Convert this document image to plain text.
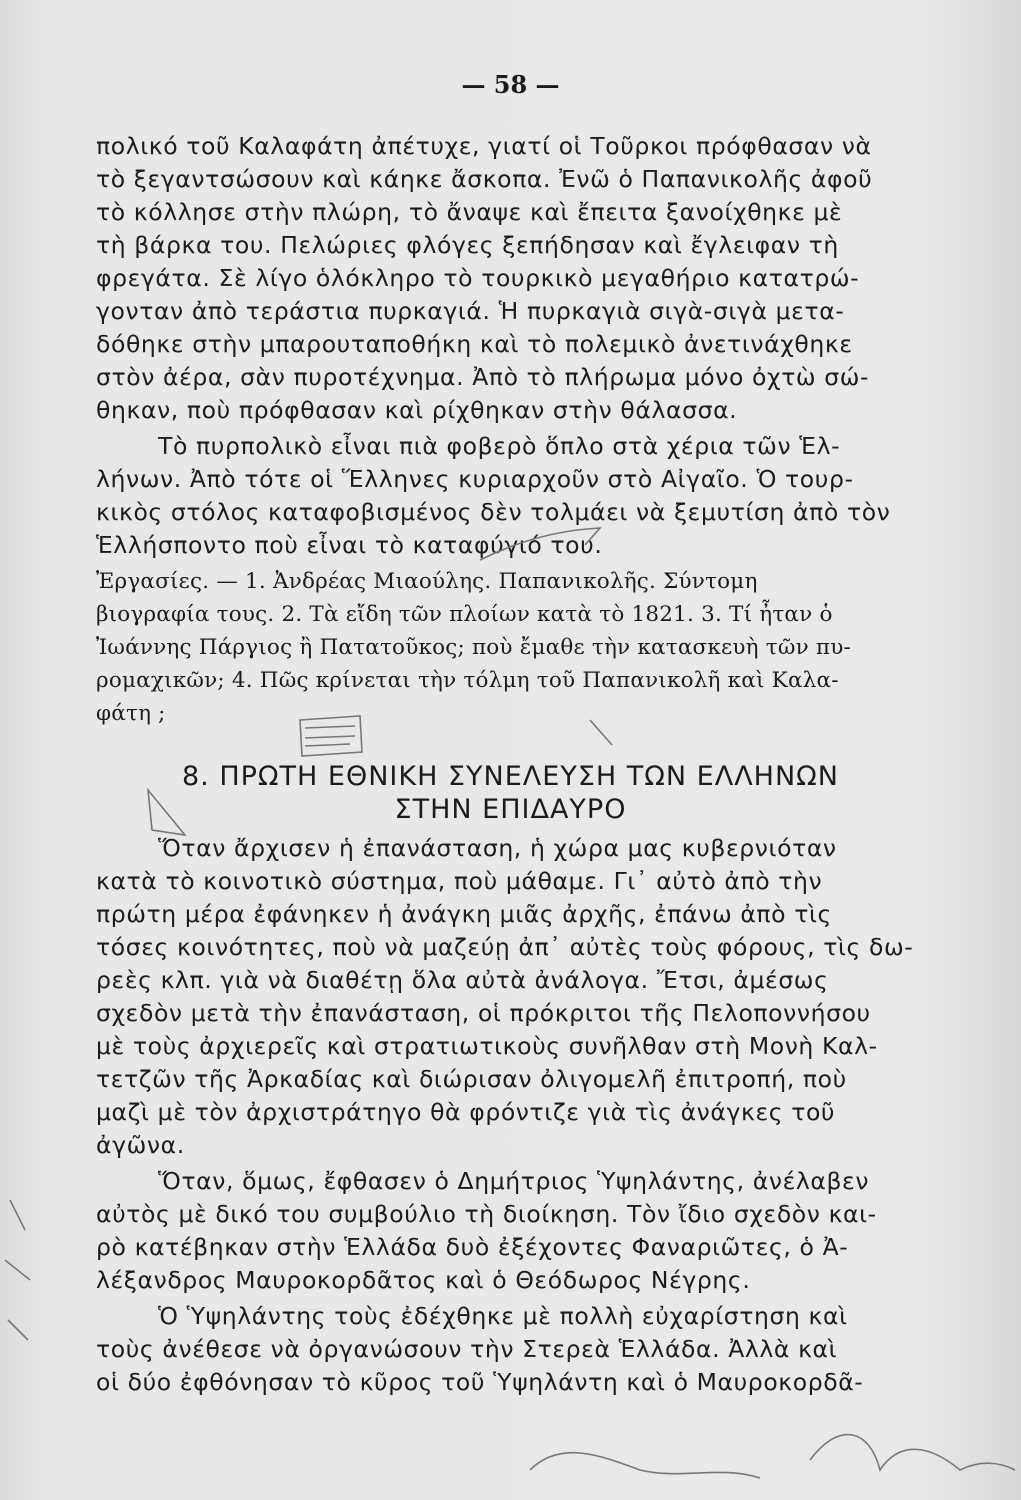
— 58 —
πολικό τοῦ Καλαφάτη ἀπέτυχε, γιατί οἱ Τοῦρκοι πρόφθασαν νὰ
τὸ ξεγαντσώσουν καὶ κάηκε ἄσκοπα. Ἐνῶ ὁ Παπανικολῆς ἀφοῦ
τὸ κόλλησε στὴν πλώρη, τὸ ἄναψε καὶ ἔπειτα ξανοίχθηκε μὲ
τὴ βάρκα του. Πελώριες φλόγες ξεπήδησαν καὶ ἔγλειφαν τὴ
φρεγάτα. Σὲ λίγο ὁλόκληρο τὸ τουρκικὸ μεγαθήριο κατατρώ-
γονταν ἀπὸ τεράστια πυρκαγιά. Ἡ πυρκαγιὰ σιγὰ-σιγὰ μετα-
δόθηκε στὴν μπαρουταποθήκη καὶ τὸ πολεμικὸ ἀνετινάχθηκε
στὸν ἀέρα, σὰν πυροτέχνημα. Ἀπὸ τὸ πλήρωμα μόνο ὀχτὼ σώ-
θηκαν, ποὺ πρόφθασαν καὶ ρίχθηκαν στὴν θάλασσα.
Τὸ πυρπολικὸ εἶναι πιὰ φοβερὸ ὅπλο στὰ χέρια τῶν Ἑλ-
λήνων. Ἀπὸ τότε οἱ Ἕλληνες κυριαρχοῦν στὸ Αἰγαῖο. Ὁ τουρ-
κικὸς στόλος καταφοβισμένος δὲν τολμάει νὰ ξεμυτίση ἀπὸ τὸν
Ἑλλήσποντο ποὺ εἶναι τὸ καταφύγιό του.
Ἐργασίες. — 1. Ἀνδρέας Μιαούλης. Παπανικολῆς. Σύντομη
βιογραφία τους. 2. Τὰ εἴδη τῶν πλοίων κατὰ τὸ 1821. 3. Τί ἦταν ὁ
Ἰωάννης Πάργιος ἢ Πατατοῦκος; ποὺ ἔμαθε τὴν κατασκευὴ τῶν πυ-
ρομαχικῶν; 4. Πῶς κρίνεται τὴν τόλμη τοῦ Παπανικολῆ καὶ Καλα-
φάτη ;
8. ΠΡΩΤΗ ΕΘΝΙΚΗ ΣΥΝΕΛΕΥΣΗ ΤΩΝ ΕΛΛΗΝΩΝ
ΣΤΗΝ ΕΠΙΔΑΥΡΟ
Ὅταν ἄρχισεν ἡ ἐπανάσταση, ἡ χώρα μας κυβερνιόταν
κατὰ τὸ κοινοτικὸ σύστημα, ποὺ μάθαμε. Γι᾽ αὐτὸ ἀπὸ τὴν
πρώτη μέρα ἐφάνηκεν ἡ ἀνάγκη μιᾶς ἀρχῆς, ἐπάνω ἀπὸ τὶς
τόσες κοινότητες, ποὺ νὰ μαζεύῃ ἀπ᾽ αὐτὲς τοὺς φόρους, τὶς δω-
ρεὲς κλπ. γιὰ νὰ διαθέτῃ ὅλα αὐτὰ ἀνάλογα. Ἔτσι, ἀμέσως
σχεδὸν μετὰ τὴν ἐπανάσταση, οἱ πρόκριτοι τῆς Πελοποννήσου
μὲ τοὺς ἀρχιερεῖς καὶ στρατιωτικοὺς συνῆλθαν στὴ Μονὴ Καλ-
τετζῶν τῆς Ἀρκαδίας καὶ διώρισαν ὀλιγομελῆ ἐπιτροπή, ποὺ
μαζὶ μὲ τὸν ἀρχιστράτηγο θὰ φρόντιζε γιὰ τὶς ἀνάγκες τοῦ
ἀγῶνα.
Ὅταν, ὅμως, ἔφθασεν ὁ Δημήτριος Ὑψηλάντης, ἀνέλαβεν
αὐτὸς μὲ δικό του συμβούλιο τὴ διοίκηση. Τὸν ἴδιο σχεδὸν και-
ρὸ κατέβηκαν στὴν Ἑλλάδα δυὸ ἐξέχοντες Φαναριῶτες, ὁ Ἀ-
λέξανδρος Μαυροκορδᾶτος καὶ ὁ Θεόδωρος Νέγρης.
Ὁ Ὑψηλάντης τοὺς ἐδέχθηκε μὲ πολλὴ εὐχαρίστηση καὶ
τοὺς ἀνέθεσε νὰ ὀργανώσουν τὴν Στερεὰ Ἑλλάδα. Ἀλλὰ καὶ
οἱ δύο ἐφθόνησαν τὸ κῦρος τοῦ Ὑψηλάντη καὶ ὁ Μαυροκορδᾶ-
